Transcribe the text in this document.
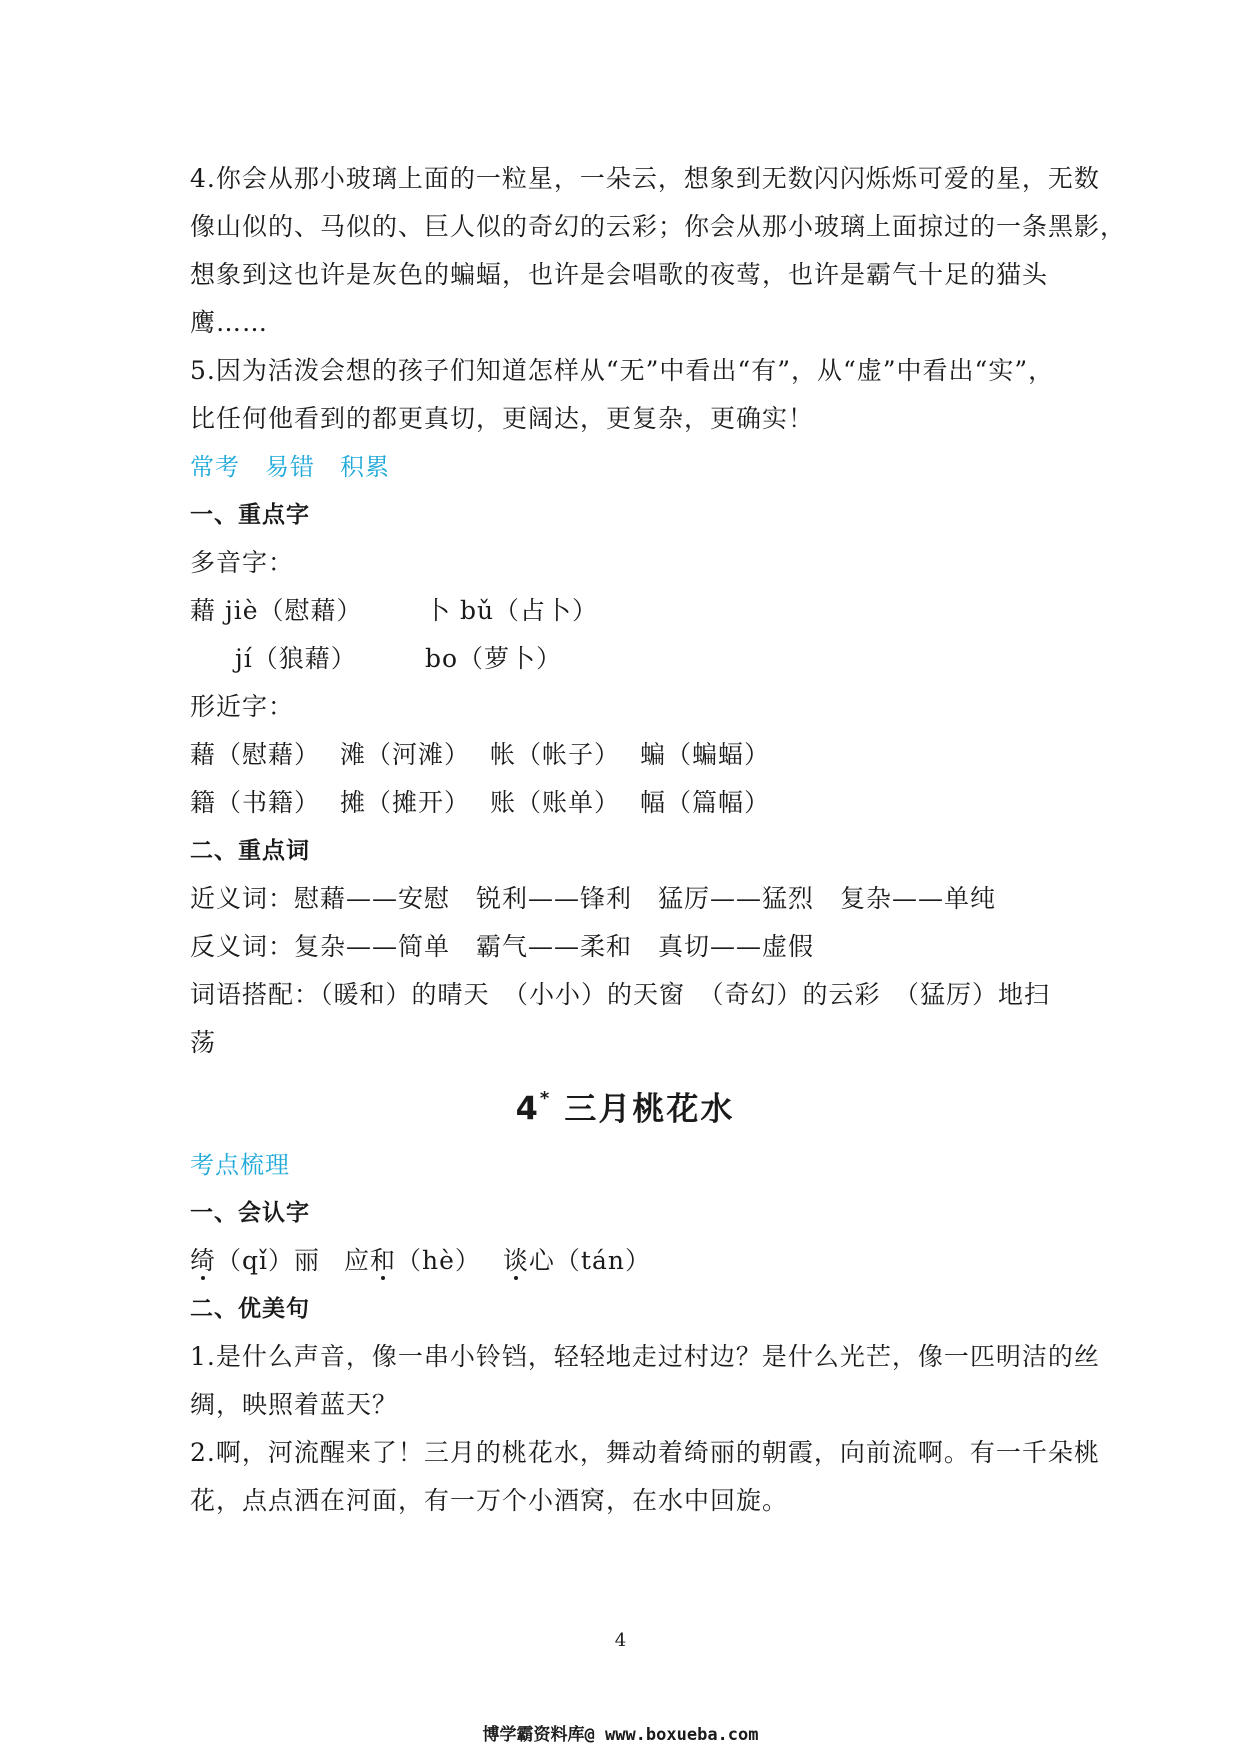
4.你会从那小玻璃上面的一粒星，一朵云，想象到无数闪闪烁烁可爱的星，无数

像山似的、马似的、巨人似的奇幻的云彩；你会从那小玻璃上面掠过的一条黑影，

想象到这也许是灰色的蝙蝠，也许是会唱歌的夜莺，也许是霸气十足的猫头

鹰……

5.因为活泼会想的孩子们知道怎样从“无”中看出“有”，从“虚”中看出“实”，

比任何他看到的都更真切，更阔达，更复杂，更确实！

常考　易错　积累

一、重点字

多音字：

藉 jiè（慰藉）	卜 bǔ（占卜）
jí（狼藉）	bo（萝卜）

形近字：

藉（慰藉） 滩（河滩） 帐（帐子） 蝙（蝙蝠）
籍（书籍） 摊（摊开） 账（账单） 幅（篇幅）

二、重点词

近义词：慰藉——安慰　锐利——锋利　猛厉——猛烈　复杂——单纯

反义词：复杂——简单　霸气——柔和　真切——虚假

词语搭配：（暖和）的晴天　（小小）的天窗　（奇幻）的云彩　（猛厉）地扫

荡

4* 三月桃花水

考点梳理

一、会认字

绮（qǐ）丽 应和（hè） 谈心（tán）

二、优美句

1.是什么声音，像一串小铃铛，轻轻地走过村边？是什么光芒，像一匹明洁的丝

绸，映照着蓝天？

2.啊，河流醒来了！三月的桃花水，舞动着绮丽的朝霞，向前流啊。有一千朵桃

花，点点洒在河面，有一万个小酒窝，在水中回旋。

4
博学霸资料库@ www.boxueba.com
